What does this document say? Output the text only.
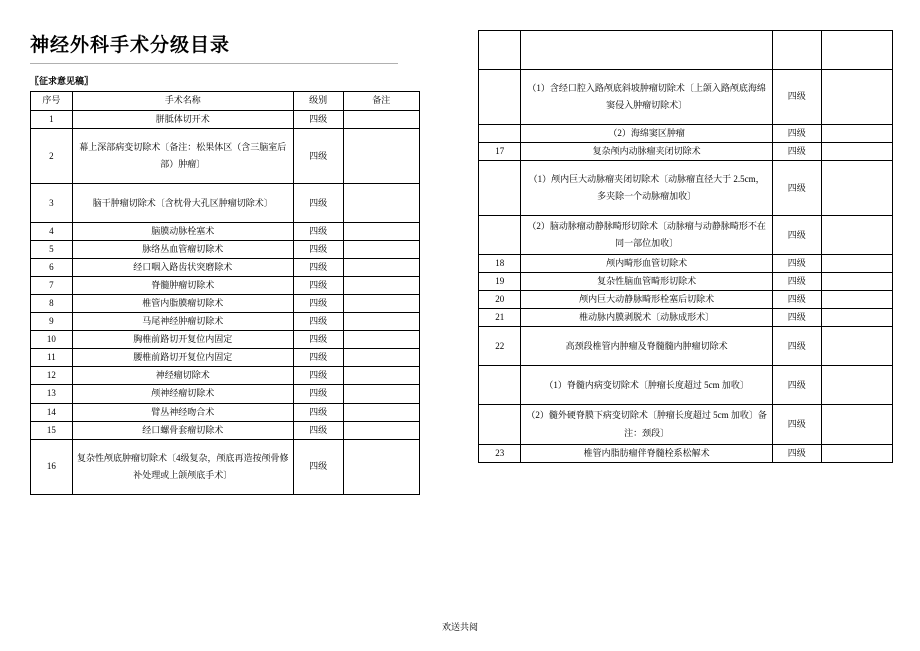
神经外科手术分级目录
〖征求意见稿〗
序号	手术名称	级别	备注
1	胼胝体切开术	四级	
2	幕上深部病变切除术〔备注：松果体区（含三脑室后部）肿瘤〕	四级	
3	脑干肿瘤切除术〔含枕骨大孔区肿瘤切除术〕	四级	
4	脑膜动脉栓塞术	四级	
5	脉络丛血管瘤切除术	四级	
6	经口咽入路齿状突磨除术	四级	
7	脊髓肿瘤切除术	四级	
8	椎管内脂膜瘤切除术	四级	
9	马尾神经肿瘤切除术	四级	
10	胸椎前路切开复位内固定	四级	
11	腰椎前路切开复位内固定	四级	
12	神经瘤切除术	四级	
13	颅神经瘤切除术	四级	
14	臂丛神经吻合术	四级	
15	经口螺骨套瘤切除术	四级	
16	复杂性颅底肿瘤切除术〔4级复杂，颅底再造按颅骨修补处理或上颌颅底手术〕	四级	

	（1）含经口腔入路颅底斜坡肿瘤切除术〔上颌入路颅底海绵窦侵入肿瘤切除术〕	四级	
	（2）海绵窦区肿瘤	四级	
17	复杂颅内动脉瘤夹闭切除术	四级	
	（1）颅内巨大动脉瘤夹闭切除术〔动脉瘤直径大于 2.5cm，多夹除一个动脉瘤加收〕	四级	
	（2）脑动脉瘤动静脉畸形切除术〔动脉瘤与动静脉畸形不在同一部位加收〕	四级	
18	颅内畸形血管切除术	四级	
19	复杂性脑血管畸形切除术	四级	
20	颅内巨大动静脉畸形栓塞后切除术	四级	
21	椎动脉内膜剥脱术〔动脉成形术〕	四级	
22	高颈段椎管内肿瘤及脊髓髓内肿瘤切除术	四级	
	（1）脊髓内病变切除术〔肿瘤长度超过 5cm 加收〕	四级	
	（2）髓外硬脊膜下病变切除术〔肿瘤长度超过 5cm 加收〕备注：颈段〕	四级	
23	椎管内脂肪瘤伴脊髓栓系松解术	四级	
欢送共阅
